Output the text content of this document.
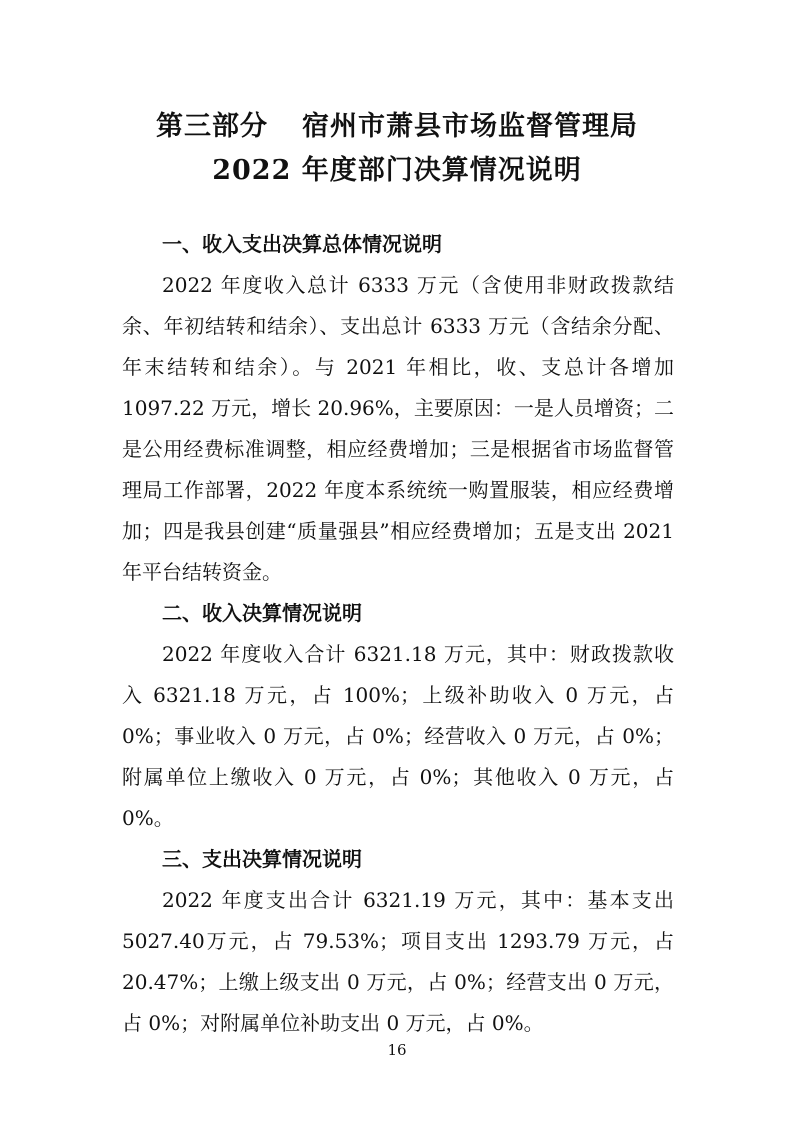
第三部分 宿州市萧县市场监督管理局
2022 年度部门决算情况说明

一、收入支出决算总体情况说明

2022 年度收入总计 6333 万元（含使用非财政拨款结余、年初结转和结余）、支出总计 6333 万元（含结余分配、年末结转和结余）。与 2021 年相比，收、支总计各增加 1097.22 万元，增长 20.96%，主要原因：一是人员增资；二是公用经费标准调整，相应经费增加；三是根据省市场监督管理局工作部署，2022 年度本系统统一购置服装，相应经费增加；四是我县创建“质量强县”相应经费增加；五是支出 2021 年平台结转资金。

二、收入决算情况说明

2022 年度收入合计 6321.18 万元，其中：财政拨款收入 6321.18 万元，占 100%；上级补助收入 0 万元，占 0%；事业收入 0 万元，占 0%；经营收入 0 万元，占 0%；附属单位上缴收入 0 万元，占 0%；其他收入 0 万元，占 0%。

三、支出决算情况说明

2022 年度支出合计 6321.19 万元，其中：基本支出 5027.40万元，占 79.53%；项目支出 1293.79 万元，占 20.47%；上缴上级支出 0 万元，占 0%；经营支出 0 万元，占 0%；对附属单位补助支出 0 万元，占 0%。

16
